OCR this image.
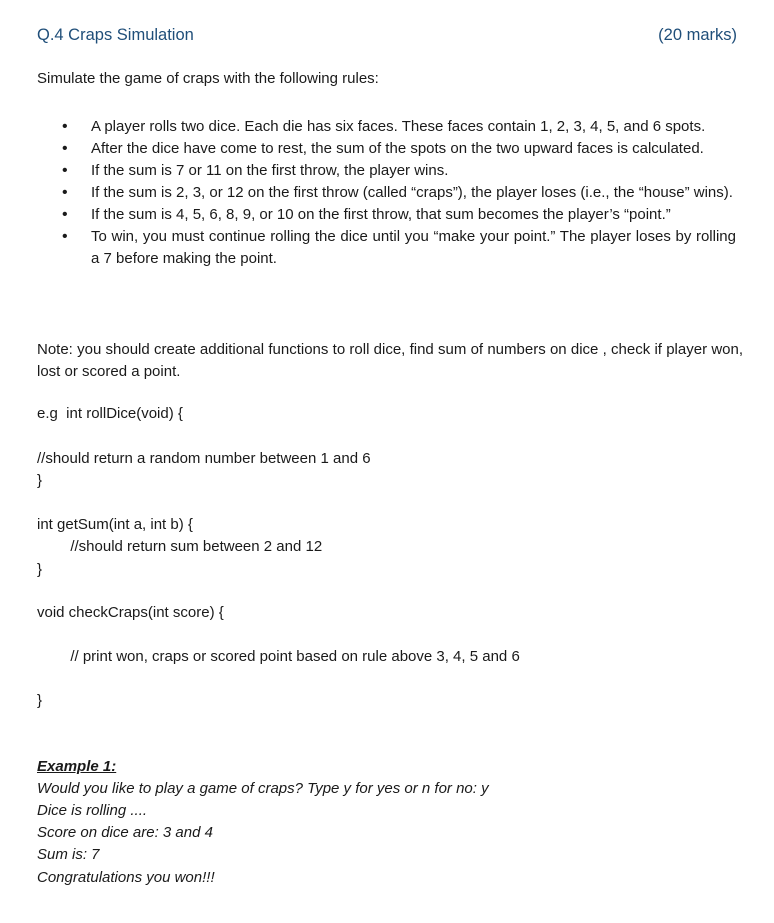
Q.4 Craps Simulation	(20 marks)
Simulate the game of craps with the following rules:
• A player rolls two dice. Each die has six faces. These faces contain 1, 2, 3, 4, 5, and 6 spots.
• After the dice have come to rest, the sum of the spots on the two upward faces is calculated.
• If the sum is 7 or 11 on the first throw, the player wins.
• If the sum is 2, 3, or 12 on the first throw (called “craps”), the player loses (i.e., the “house” wins).
• If the sum is 4, 5, 6, 8, 9, or 10 on the first throw, that sum becomes the player’s “point.”
• To win, you must continue rolling the dice until you “make your point.” The player loses by rolling a 7 before making the point.
Note: you should create additional functions to roll dice, find sum of numbers on dice , check if player won, lost or scored a point.
e.g  int rollDice(void) {
//should return a random number between 1 and 6
}
int getSum(int a, int b) {
//should return sum between 2 and 12
}
void checkCraps(int score) {
// print won, craps or scored point based on rule above 3, 4, 5 and 6
}
Example 1:
Would you like to play a game of craps? Type y for yes or n for no: y
Dice is rolling ....
Score on dice are: 3 and 4
Sum is: 7
Congratulations you won!!!
